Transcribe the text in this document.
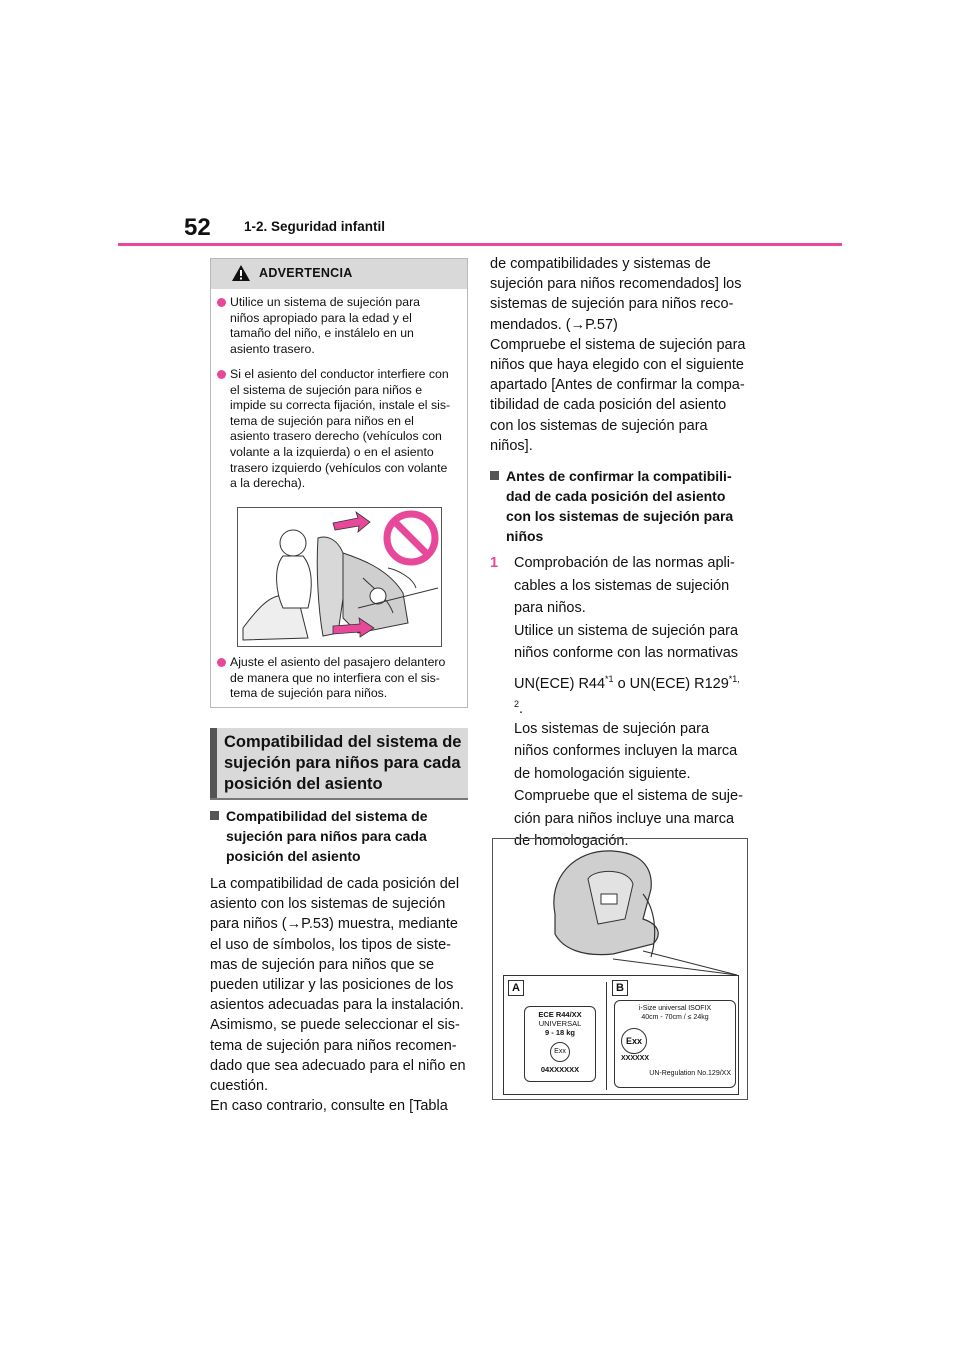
52 1-2. Seguridad infantil
ADVERTENCIA
Utilice un sistema de sujeción para
niños apropiado para la edad y el
tamaño del niño, e instálelo en un
asiento trasero.
Si el asiento del conductor interfiere con
el sistema de sujeción para niños e
impide su correcta fijación, instale el sis-
tema de sujeción para niños en el
asiento trasero derecho (vehículos con
volante a la izquierda) o en el asiento
trasero izquierdo (vehículos con volante
a la derecha).
Ajuste el asiento del pasajero delantero
de manera que no interfiera con el sis-
tema de sujeción para niños.
Compatibilidad del sistema de
sujeción para niños para cada
posición del asiento
Compatibilidad del sistema de
sujeción para niños para cada
posición del asiento
La compatibilidad de cada posición del
asiento con los sistemas de sujeción
para niños (→P.53) muestra, mediante
el uso de símbolos, los tipos de siste-
mas de sujeción para niños que se
pueden utilizar y las posiciones de los
asientos adecuadas para la instalación.
Asimismo, se puede seleccionar el sis-
tema de sujeción para niños recomen-
dado que sea adecuado para el niño en
cuestión.
En caso contrario, consulte en [Tabla
de compatibilidades y sistemas de
sujeción para niños recomendados] los
sistemas de sujeción para niños reco-
mendados. (→P.57)
Compruebe el sistema de sujeción para
niños que haya elegido con el siguiente
apartado [Antes de confirmar la compa-
tibilidad de cada posición del asiento
con los sistemas de sujeción para
niños].
Antes de confirmar la compatibili-
dad de cada posición del asiento
con los sistemas de sujeción para
niños
1 Comprobación de las normas apli-
cables a los sistemas de sujeción
para niños.
Utilice un sistema de sujeción para
niños conforme con las normativas
UN(ECE) R44$^{*1}$ o UN(ECE) $R129^{*1,}$
$^2$.
Los sistemas de sujeción para
niños conformes incluyen la marca
de homologación siguiente.
Compruebe que el sistema de suje-
ción para niños incluye una marca
de homologación.
A	B
ECE R44/XX
UNIVERSAL
9 - 18 kg
Exx
04XXXXXX
i-Size universal ISOFIX
40cm - 70cm / ≤ 24kg
Exx
XXXXXX
UN-Regulation No.129/XX
